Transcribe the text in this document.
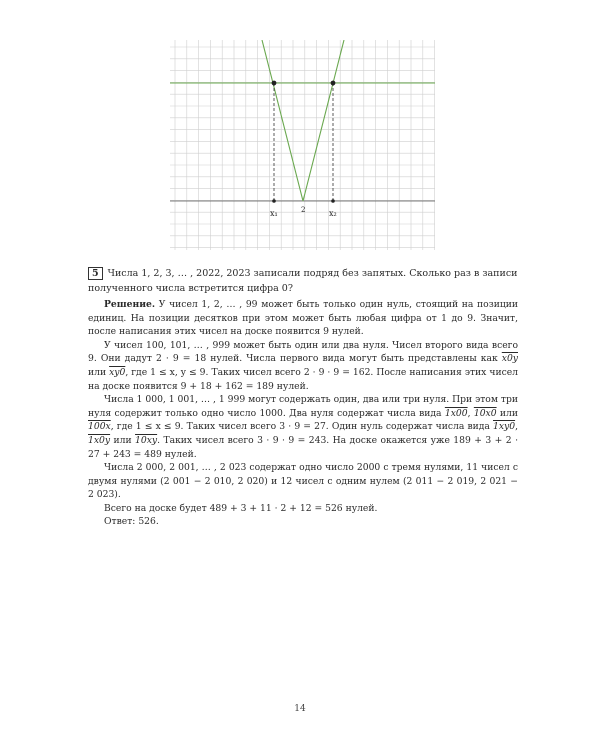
x₁	2	x₂
5 Числа 1, 2, 3, … , 2022, 2023 записали подряд без запятых. Сколько раз в записи полученного числа встретится цифра 0?

Решение. У чисел 1, 2, … , 99 может быть только один нуль, стоящий на позиции единиц. На позиции десятков при этом может быть любая цифра от 1 до 9. Значит, после написания этих чисел на доске появится 9 нулей.

У чисел 100, 101, … , 999 может быть один или два нуля. Чисел второго вида всего 9. Они дадут 2 · 9 = 18 нулей. Числа первого вида могут быть представлены как x0y или xy0, где 1 ≤ x, y ≤ 9. Таких чисел всего 2 · 9 · 9 = 162. После написания этих чисел на доске появится 9 + 18 + 162 = 189 нулей.

Числа 1 000, 1 001, … , 1 999 могут содержать один, два или три нуля. При этом три нуля содержит только одно число 1000. Два нуля содержат числа вида 1x00, 10x0 или 100x, где 1 ≤ x ≤ 9. Таких чисел всего 3 · 9 = 27. Один нуль содержат числа вида 1xy0, 1x0y или 10xy. Таких чисел всего 3 · 9 · 9 = 243. На доске окажется уже 189 + 3 + 2 · 27 + 243 = 489 нулей.

Числа 2 000, 2 001, … , 2 023 содержат одно число 2000 с тремя нулями, 11 чисел с двумя нулями (2 001 − 2 010, 2 020) и 12 чисел с одним нулем (2 011 − 2 019, 2 021 − 2 023).

Всего на доске будет 489 + 3 + 11 · 2 + 12 = 526 нулей.

Ответ: 526.
14
